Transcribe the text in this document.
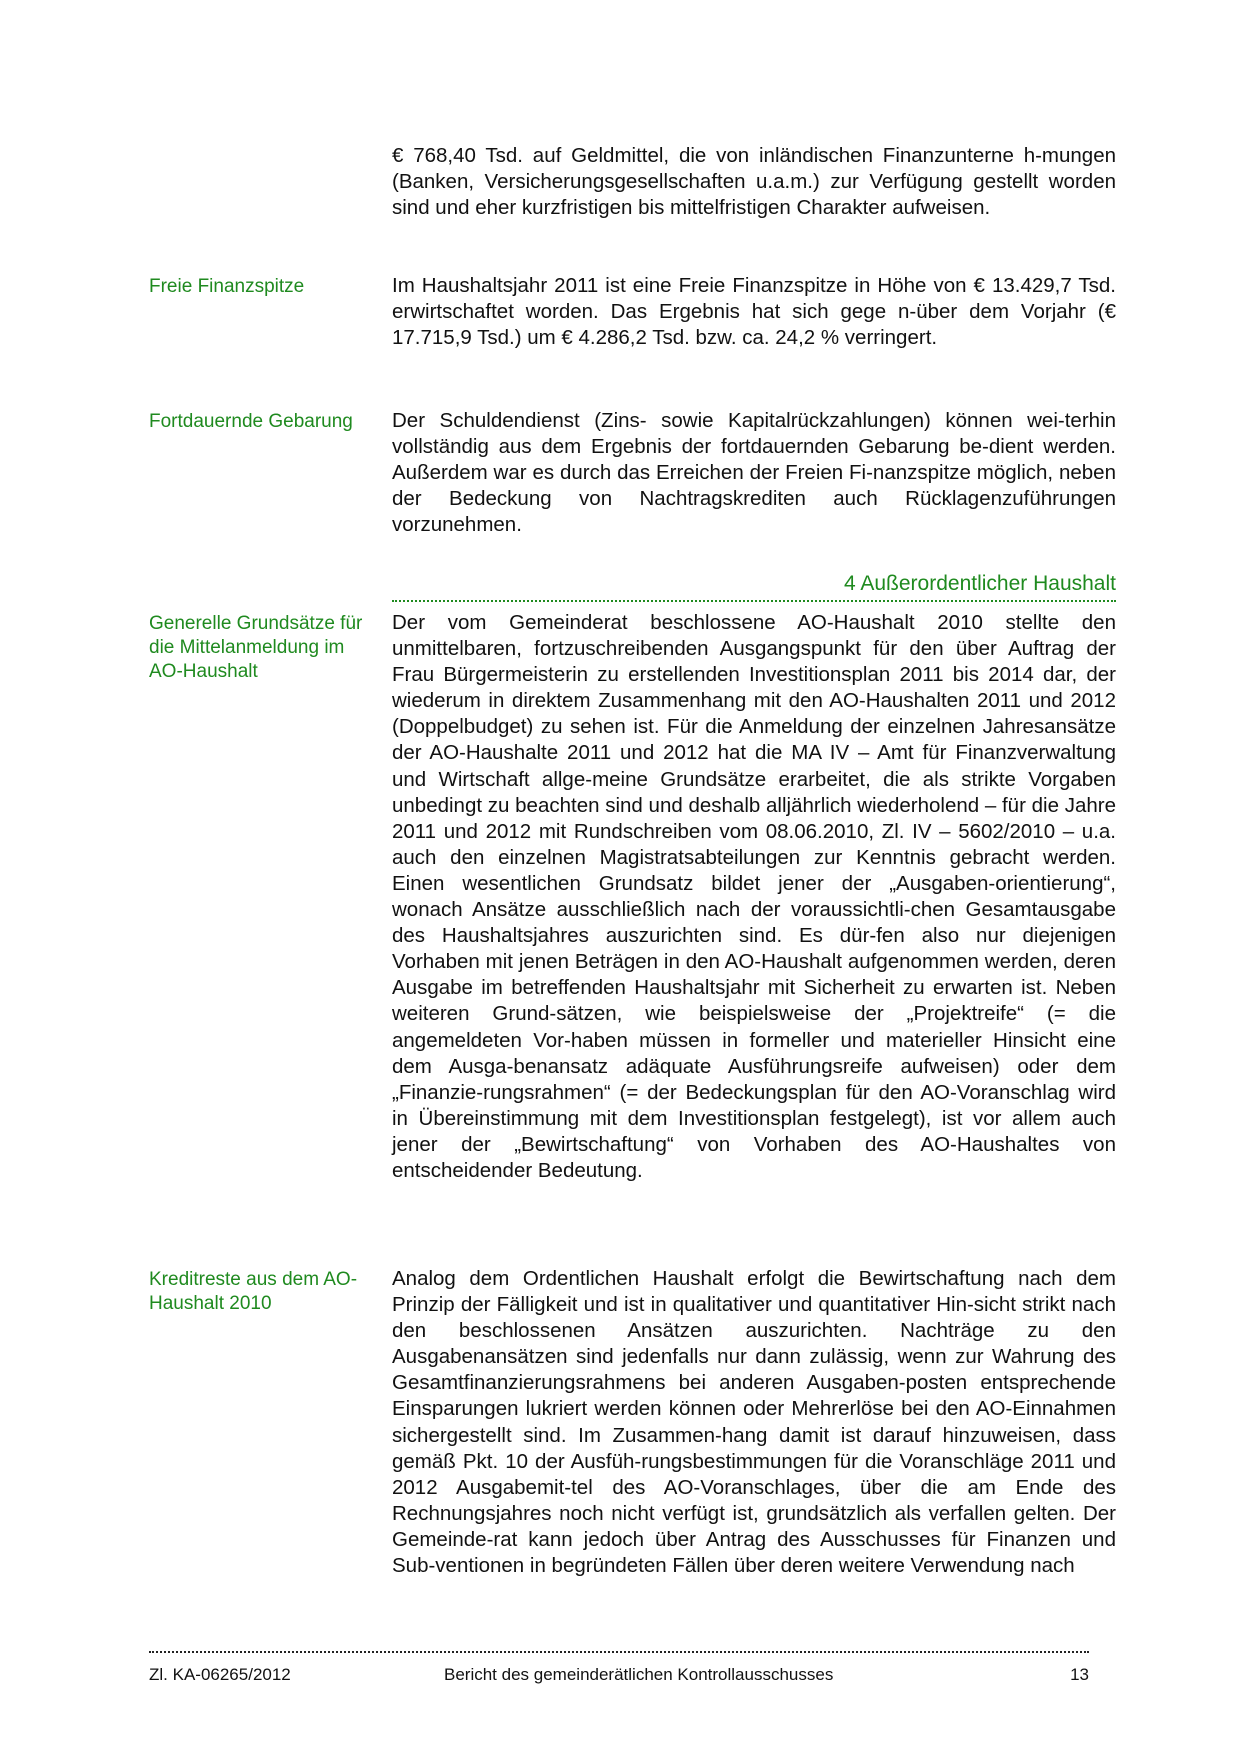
€ 768,40 Tsd. auf Geldmittel, die von inländischen Finanzunterne h-mungen (Banken, Versicherungsgesellschaften u.a.m.) zur Verfügung gestellt worden sind und eher kurzfristigen bis mittelfristigen Charakter aufweisen.
Freie Finanzspitze	Im Haushaltsjahr 2011 ist eine Freie Finanzspitze in Höhe von € 13.429,7 Tsd. erwirtschaftet worden. Das Ergebnis hat sich gege n-über dem Vorjahr (€ 17.715,9 Tsd.) um € 4.286,2 Tsd. bzw. ca. 24,2 % verringert.
Fortdauernde Gebarung	Der Schuldendienst (Zins- sowie Kapitalrückzahlungen) können wei-terhin vollständig aus dem Ergebnis der fortdauernden Gebarung be-dient werden. Außerdem war es durch das Erreichen der Freien Fi-nanzspitze möglich, neben der Bedeckung von Nachtragskrediten auch Rücklagenzuführungen vorzunehmen.
4 Außerordentlicher Haushalt
Generelle Grundsätze für die Mittelanmeldung im AO-Haushalt
Der vom Gemeinderat beschlossene AO-Haushalt 2010 stellte den unmittelbaren, fortzuschreibenden Ausgangspunkt für den über Auftrag der Frau Bürgermeisterin zu erstellenden Investitionsplan 2011 bis 2014 dar, der wiederum in direktem Zusammenhang mit den AO-Haushalten 2011 und 2012 (Doppelbudget) zu sehen ist. Für die Anmeldung der einzelnen Jahresansätze der AO-Haushalte 2011 und 2012 hat die MA IV – Amt für Finanzverwaltung und Wirtschaft allge-meine Grundsätze erarbeitet, die als strikte Vorgaben unbedingt zu beachten sind und deshalb alljährlich wiederholend – für die Jahre 2011 und 2012 mit Rundschreiben vom 08.06.2010, Zl. IV – 5602/2010 – u.a. auch den einzelnen Magistratsabteilungen zur Kenntnis gebracht werden. Einen wesentlichen Grundsatz bildet jener der „Ausgaben-orientierung“, wonach Ansätze ausschließlich nach der voraussichtli-chen Gesamtausgabe des Haushaltsjahres auszurichten sind. Es dür-fen also nur diejenigen Vorhaben mit jenen Beträgen in den AO-Haushalt aufgenommen werden, deren Ausgabe im betreffenden Haushaltsjahr mit Sicherheit zu erwarten ist. Neben weiteren Grund-sätzen, wie beispielsweise der „Projektreife“ (= die angemeldeten Vor-haben müssen in formeller und materieller Hinsicht eine dem Ausga-benansatz adäquate Ausführungsreife aufweisen) oder dem „Finanzie-rungsrahmen“ (= der Bedeckungsplan für den AO-Voranschlag wird in Übereinstimmung mit dem Investitionsplan festgelegt), ist vor allem auch jener der „Bewirtschaftung“ von Vorhaben des AO-Haushaltes von entscheidender Bedeutung.
Kreditreste aus dem AO-Haushalt 2010
Analog dem Ordentlichen Haushalt erfolgt die Bewirtschaftung nach dem Prinzip der Fälligkeit und ist in qualitativer und quantitativer Hin-sicht strikt nach den beschlossenen Ansätzen auszurichten. Nachträge zu den Ausgabenansätzen sind jedenfalls nur dann zulässig, wenn zur Wahrung des Gesamtfinanzierungsrahmens bei anderen Ausgaben-posten entsprechende Einsparungen lukriert werden können oder Mehrerlöse bei den AO-Einnahmen sichergestellt sind. Im Zusammen-hang damit ist darauf hinzuweisen, dass gemäß Pkt. 10 der Ausfüh-rungsbestimmungen für die Voranschläge 2011 und 2012 Ausgabemit-tel des AO-Voranschlages, über die am Ende des Rechnungsjahres noch nicht verfügt ist, grundsätzlich als verfallen gelten. Der Gemeinde-rat kann jedoch über Antrag des Ausschusses für Finanzen und Sub-ventionen in begründeten Fällen über deren weitere Verwendung nach
Zl. KA-06265/2012	Bericht des gemeinderätlichen Kontrollausschusses	13
